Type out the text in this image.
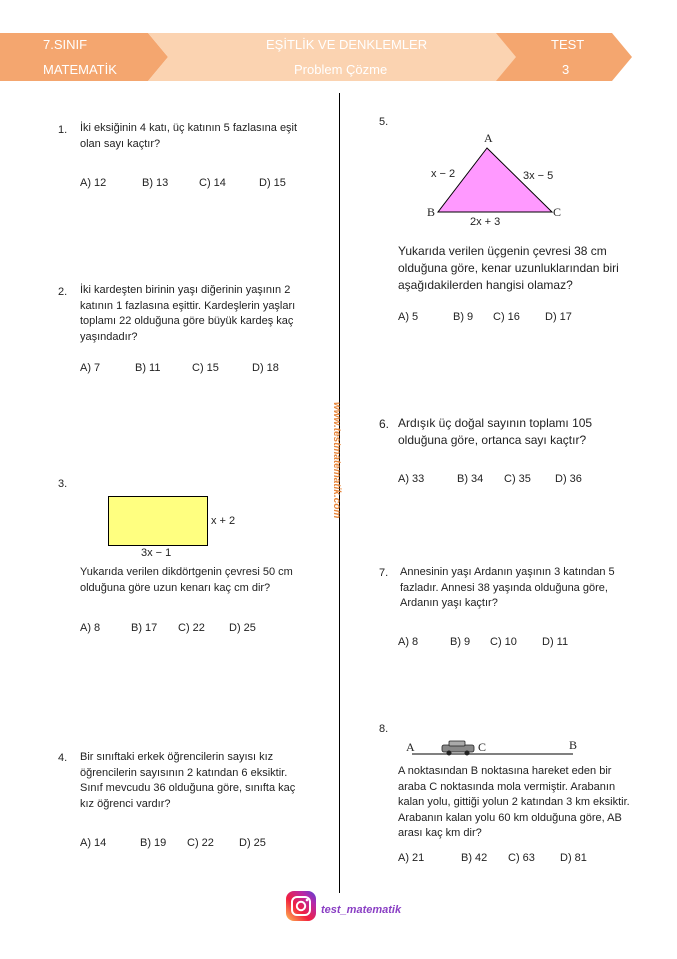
7.SINIF
MATEMATİK
EŞİTLİK VE DENKLEMLER
Problem Çözme
TEST
3
www.testmatematik.com
1. İki eksiğinin 4 katı, üç katının 5 fazlasına eşit olan sayı kaçtır?
A) 12	B) 13	C) 14	D) 15
2. İki kardeşten birinin yaşı diğerinin yaşının 2 katının 1 fazlasına eşittir. Kardeşlerin yaşları toplamı 22 olduğuna göre büyük kardeş kaç yaşındadır?
A) 7	B) 11	C) 15	D) 18
3.
x + 2
3x − 1
Yukarıda verilen dikdörtgenin çevresi 50 cm olduğuna göre uzun kenarı kaç cm dir?
A) 8	B) 17 C) 22 D) 25
4. Bir sınıftaki erkek öğrencilerin sayısı kız öğrencilerin sayısının 2 katından 6 eksiktir. Sınıf mevcudu 36 olduğuna göre, sınıfta kaç kız öğrenci vardır?
A) 14	B) 19 C) 22 D) 25
5.
A
B	C
x − 2	3x − 5
2x + 3
Yukarıda verilen üçgenin çevresi 38 cm olduğuna göre, kenar uzunluklarından biri aşağıdakilerden hangisi olamaz?
A) 5	B) 9 C) 16 D) 17
6. Ardışık üç doğal sayının toplamı 105 olduğuna göre, ortanca sayı kaçtır?
A) 33	B) 34 C) 35 D) 36
7. Annesinin yaşı Ardanın yaşının 3 katından 5 fazladır. Annesi 38 yaşında olduğuna göre, Ardanın yaşı kaçtır?
A) 8	B) 9 C) 10 D) 11
8.
A	C	B
A noktasından B noktasına hareket eden bir araba C noktasında mola vermiştir. Arabanın kalan yolu, gittiği yolun 2 katından 3 km eksiktir. Arabanın kalan yolu 60 km olduğuna göre, AB arası kaç km dir?
A) 21	B) 42 C) 63 D) 81
test_matematik
